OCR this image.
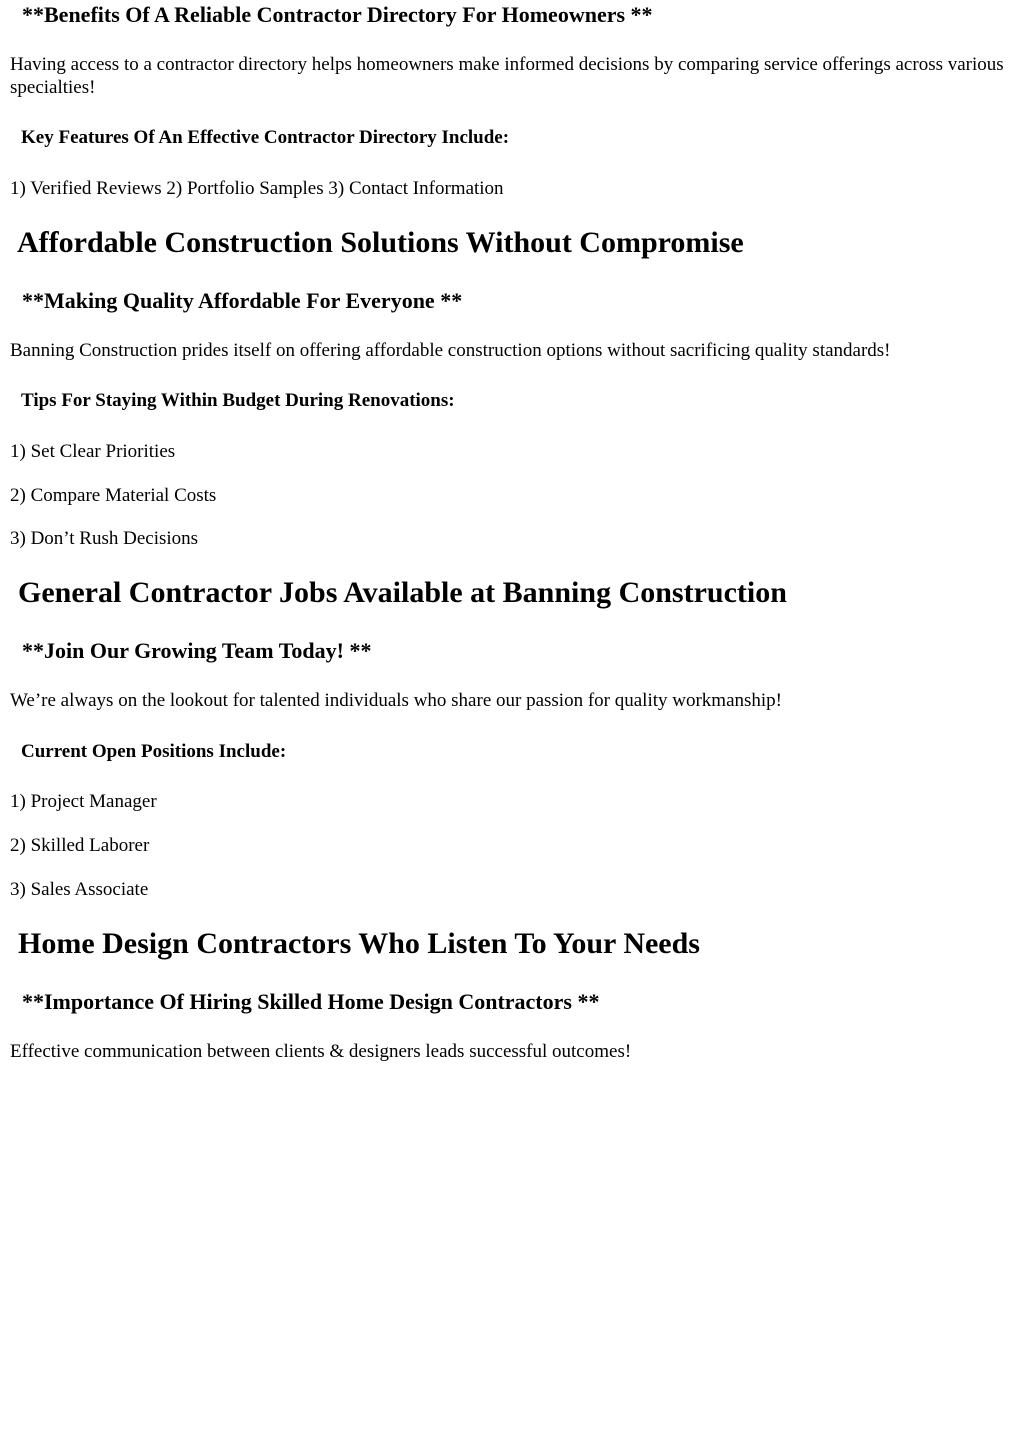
**Benefits Of A Reliable Contractor Directory For Homeowners **

Having access to a contractor directory helps homeowners make informed decisions by comparing service offerings across various specialties!

Key Features Of An Effective Contractor Directory Include:

1) Verified Reviews 2) Portfolio Samples 3) Contact Information

Affordable Construction Solutions Without Compromise
**Making Quality Affordable For Everyone **

Banning Construction prides itself on offering affordable construction options without sacrificing quality standards!

Tips For Staying Within Budget During Renovations:

1) Set Clear Priorities

2) Compare Material Costs

3) Don’t Rush Decisions

General Contractor Jobs Available at Banning Construction
**Join Our Growing Team Today! **

We’re always on the lookout for talented individuals who share our passion for quality workmanship!

Current Open Positions Include:

1) Project Manager

2) Skilled Laborer

3) Sales Associate

Home Design Contractors Who Listen To Your Needs
**Importance Of Hiring Skilled Home Design Contractors **

Effective communication between clients & designers leads successful outcomes!
